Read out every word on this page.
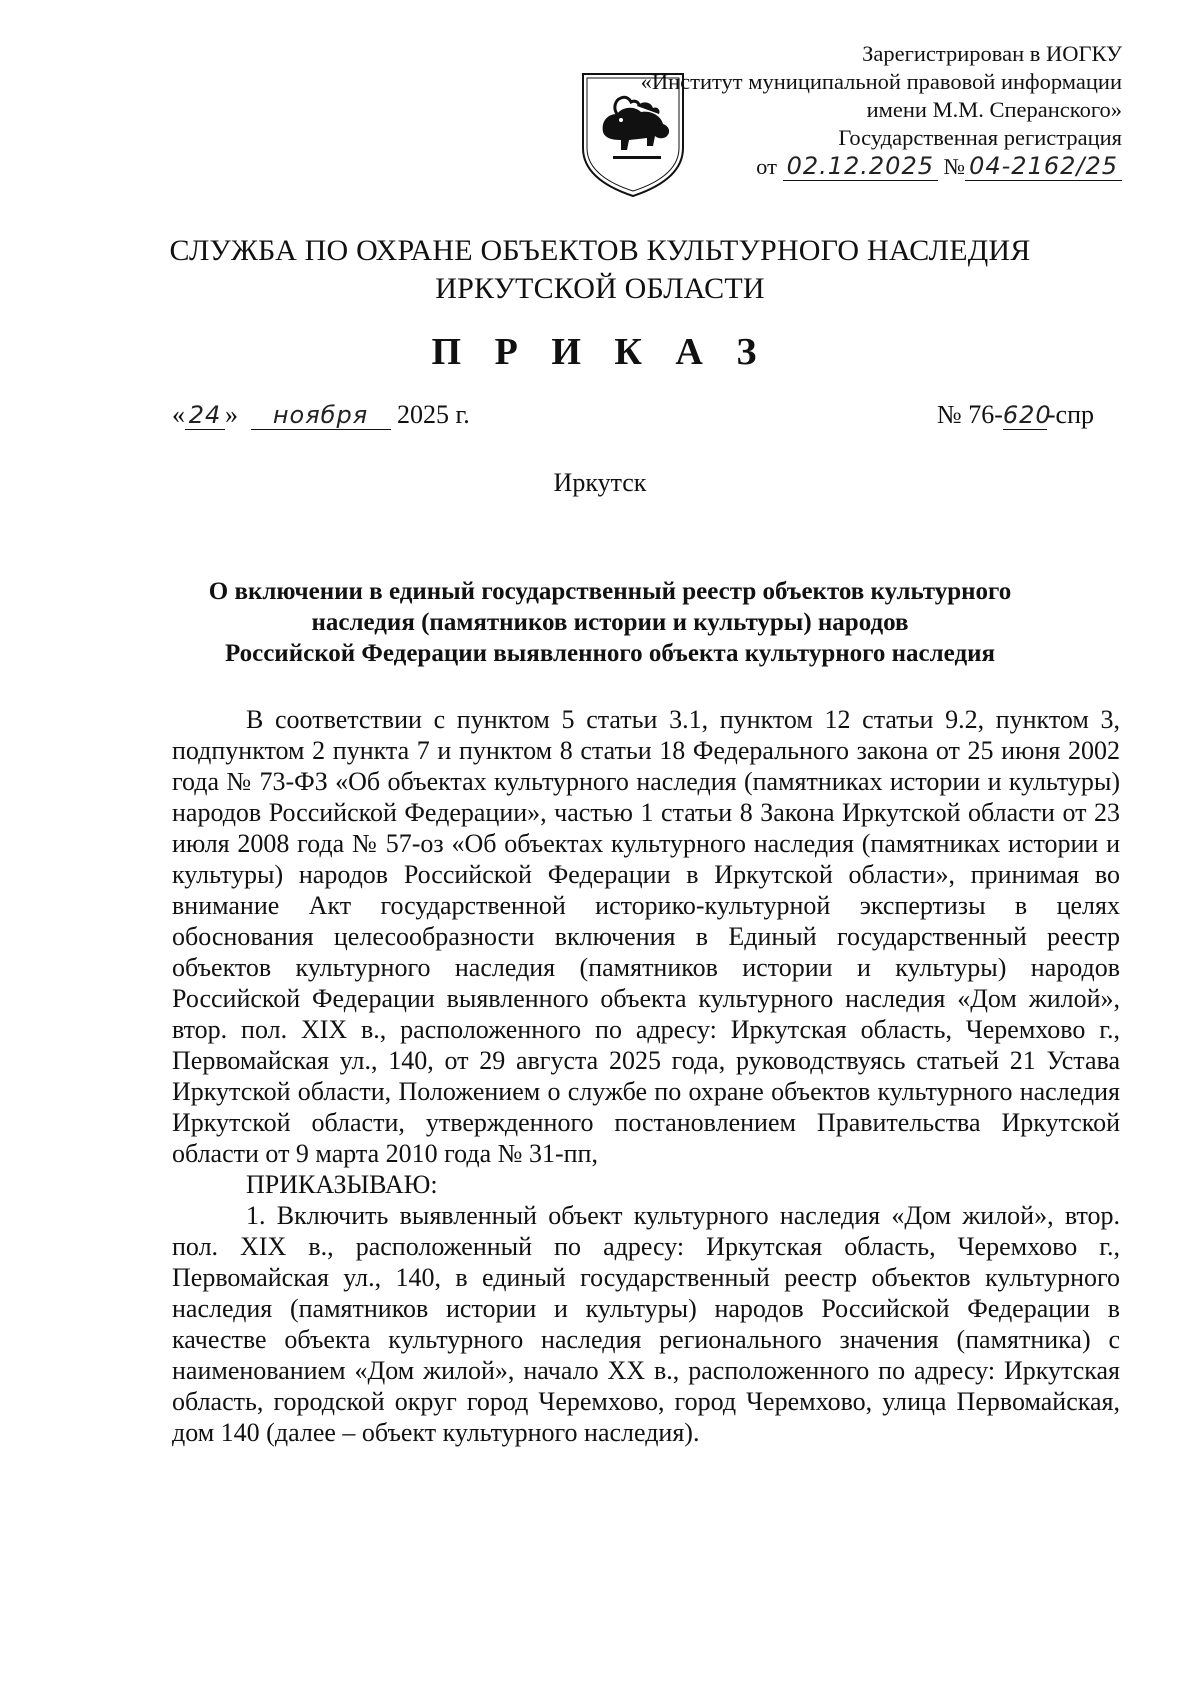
Зарегистрирован в ИОГКУ
«Институт муниципальной правовой информации
имени М.М. Сперанского»
Государственная регистрация
от 02.12.2025 № 04-2162/25
СЛУЖБА ПО ОХРАНЕ ОБЪЕКТОВ КУЛЬТУРНОГО НАСЛЕДИЯ
ИРКУТСКОЙ ОБЛАСТИ
П Р И К А З
« 24 » ноября 2025 г.	№ 76-620-спр
Иркутск
О включении в единый государственный реестр объектов культурного
наследия (памятников истории и культуры) народов
Российской Федерации выявленного объекта культурного наследия

В соответствии с пунктом 5 статьи 3.1, пунктом 12 статьи 9.2, пунктом 3, подпунктом 2 пункта 7 и пунктом 8 статьи 18 Федерального закона от 25 июня 2002 года № 73-ФЗ «Об объектах культурного наследия (памятниках истории и культуры) народов Российской Федерации», частью 1 статьи 8 Закона Иркутской области от 23 июля 2008 года № 57-оз «Об объектах культурного наследия (памятниках истории и культуры) народов Российской Федерации в Иркутской области», принимая во внимание Акт государственной историко-культурной экспертизы в целях обоснования целесообразности включения в Единый государственный реестр объектов культурного наследия (памятников истории и культуры) народов Российской Федерации выявленного объекта культурного наследия «Дом жилой», втор. пол. XIX в., расположенного по адресу: Иркутская область, Черемхово г., Первомайская ул., 140, от 29 августа 2025 года, руководствуясь статьей 21 Устава Иркутской области, Положением о службе по охране объектов культурного наследия Иркутской области, утвержденного постановлением Правительства Иркутской области от 9 марта 2010 года № 31-пп,

ПРИКАЗЫВАЮ:

1. Включить выявленный объект культурного наследия «Дом жилой», втор. пол. XIX в., расположенный по адресу: Иркутская область, Черемхово г., Первомайская ул., 140, в единый государственный реестр объектов культурного наследия (памятников истории и культуры) народов Российской Федерации в качестве объекта культурного наследия регионального значения (памятника) с наименованием «Дом жилой», начало XX в., расположенного по адресу: Иркутская область, городской округ город Черемхово, город Черемхово, улица Первомайская, дом 140 (далее – объект культурного наследия).
